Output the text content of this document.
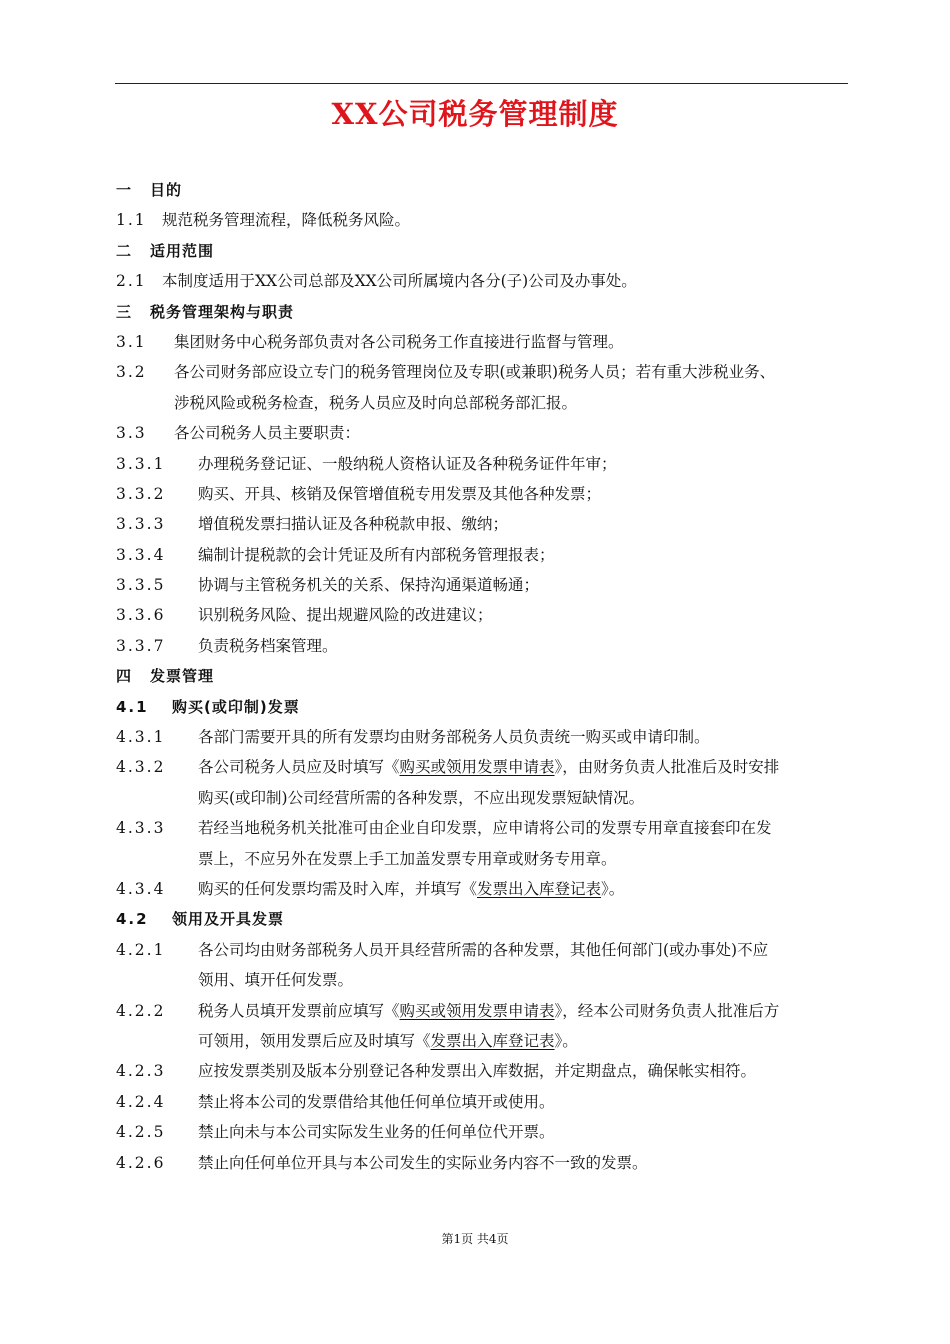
XX公司税务管理制度
一 目的
1.1 规范税务管理流程，降低税务风险。
二 适用范围
2.1 本制度适用于XX公司总部及XX公司所属境内各分(子)公司及办事处。
三 税务管理架构与职责
3.1 集团财务中心税务部负责对各公司税务工作直接进行监督与管理。
3.2 各公司财务部应设立专门的税务管理岗位及专职(或兼职)税务人员；若有重大涉税业务、
涉税风险或税务检查，税务人员应及时向总部税务部汇报。
3.3 各公司税务人员主要职责：
3.3.1 办理税务登记证、一般纳税人资格认证及各种税务证件年审；
3.3.2 购买、开具、核销及保管增值税专用发票及其他各种发票；
3.3.3 增值税发票扫描认证及各种税款申报、缴纳；
3.3.4 编制计提税款的会计凭证及所有内部税务管理报表；
3.3.5 协调与主管税务机关的关系、保持沟通渠道畅通；
3.3.6 识别税务风险、提出规避风险的改进建议；
3.3.7 负责税务档案管理。
四 发票管理
4.1 购买(或印制)发票
4.3.1 各部门需要开具的所有发票均由财务部税务人员负责统一购买或申请印制。
4.3.2 各公司税务人员应及时填写《购买或领用发票申请表》，由财务负责人批准后及时安排
购买(或印制)公司经营所需的各种发票，不应出现发票短缺情况。
4.3.3 若经当地税务机关批准可由企业自印发票，应申请将公司的发票专用章直接套印在发
票上，不应另外在发票上手工加盖发票专用章或财务专用章。
4.3.4 购买的任何发票均需及时入库，并填写《发票出入库登记表》。
4.2 领用及开具发票
4.2.1 各公司均由财务部税务人员开具经营所需的各种发票，其他任何部门(或办事处)不应
领用、填开任何发票。
4.2.2 税务人员填开发票前应填写《购买或领用发票申请表》，经本公司财务负责人批准后方
可领用，领用发票后应及时填写《发票出入库登记表》。
4.2.3 应按发票类别及版本分别登记各种发票出入库数据，并定期盘点，确保帐实相符。
4.2.4 禁止将本公司的发票借给其他任何单位填开或使用。
4.2.5 禁止向未与本公司实际发生业务的任何单位代开票。
4.2.6 禁止向任何单位开具与本公司发生的实际业务内容不一致的发票。
第1页 共4页
